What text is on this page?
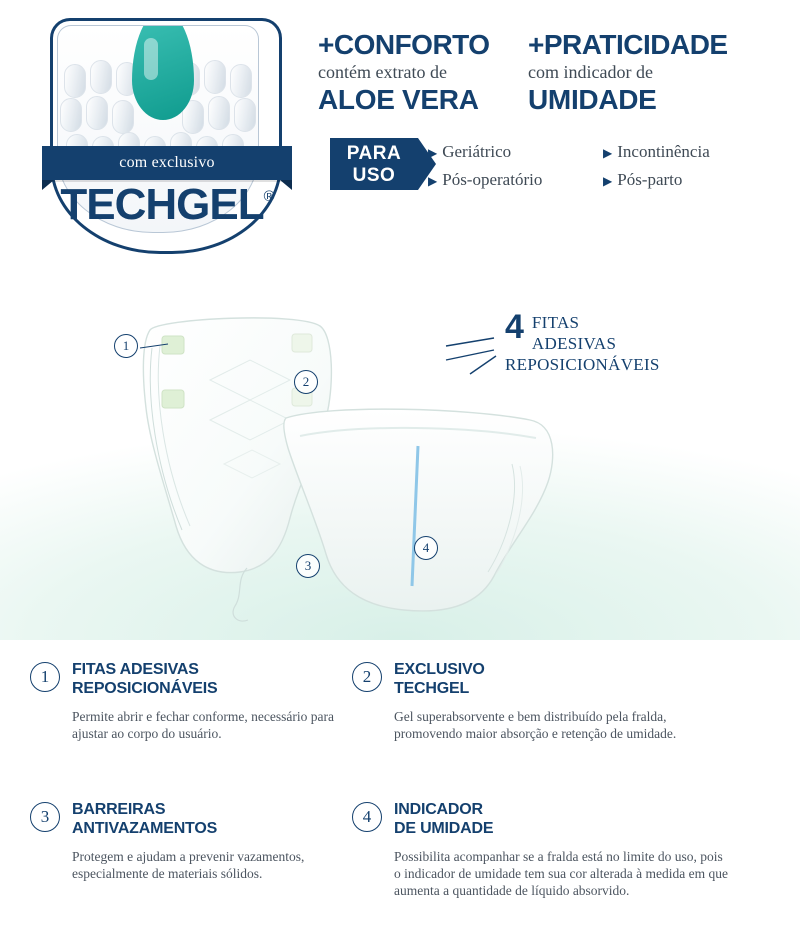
com exclusivo
TECHGEL®
+CONFORTO
contém extrato de
ALOE VERA
+PRATICIDADE
com indicador de
UMIDADE
PARA
USO
▶ Geriátrico	▶ Incontinência
▶ Pós-operatório	▶ Pós-parto
1
2
3
4
4 FITAS ADESIVAS
REPOSICIONÁVEIS
1	FITAS ADESIVAS
REPOSICIONÁVEIS
Permite abrir e fechar conforme, necessário para ajustar ao corpo do usuário.
2	EXCLUSIVO
TECHGEL
Gel superabsorvente e bem distribuído pela fralda, promovendo maior absorção e retenção de umidade.
3	BARREIRAS
ANTIVAZAMENTOS
Protegem e ajudam a prevenir vazamentos, especialmente de materiais sólidos.
4	INDICADOR
DE UMIDADE
Possibilita acompanhar se a fralda está no limite do uso, pois o indicador de umidade tem sua cor alterada à medida em que aumenta a quantidade de líquido absorvido.
